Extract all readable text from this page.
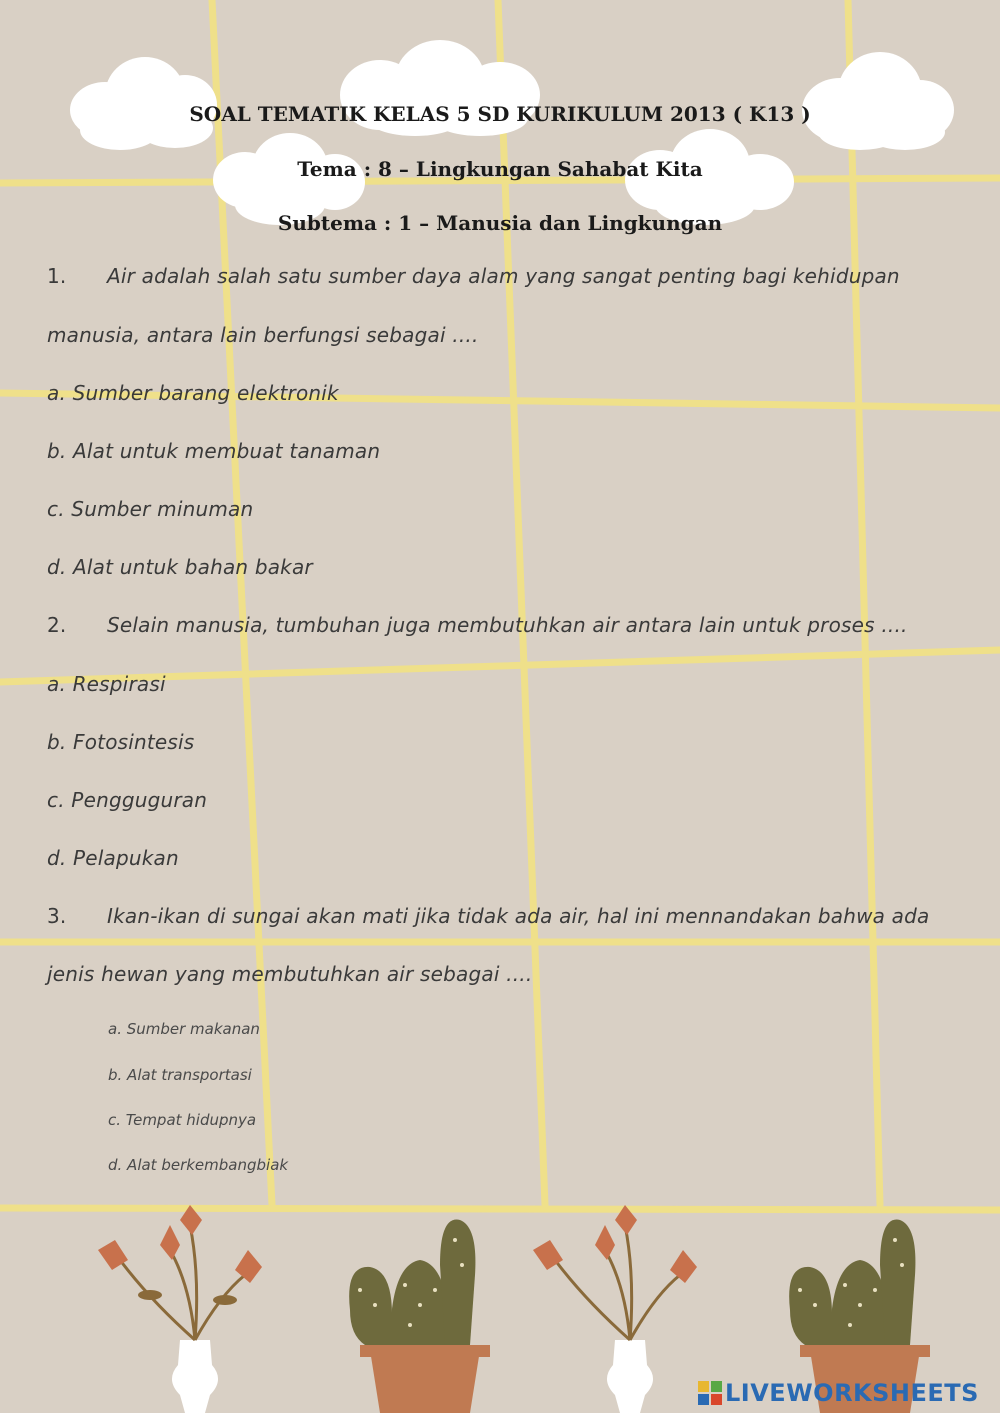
SOAL TEMATIK KELAS 5 SD KURIKULUM 2013 ( K13 )
Tema : 8 – Lingkungan Sahabat Kita
Subtema : 1 – Manusia dan Lingkungan
1. Air adalah salah satu sumber daya alam yang sangat penting bagi kehidupan
manusia, antara lain berfungsi sebagai ....
a. Sumber barang elektronik
b. Alat untuk membuat tanaman
c. Sumber minuman
d. Alat untuk bahan bakar
2. Selain manusia, tumbuhan juga membutuhkan air antara lain untuk proses ....
a. Respirasi
b. Fotosintesis
c. Pengguguran
d. Pelapukan
3. Ikan-ikan di sungai akan mati jika tidak ada air, hal ini mennandakan bahwa ada
jenis hewan yang membutuhkan air sebagai ....
a. Sumber makanan
b. Alat transportasi
c. Tempat hidupnya
d. Alat berkembangbiak
LIVEWORKSHEETS
